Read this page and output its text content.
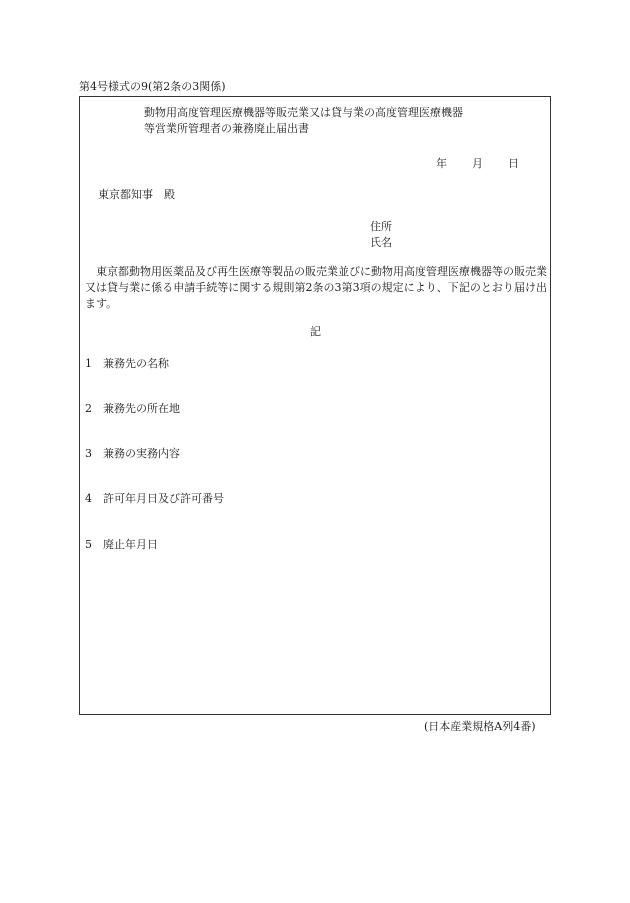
第4号様式の9(第2条の3関係)
動物用高度管理医療機器等販売業又は貸与業の高度管理医療機器
等営業所管理者の兼務廃止届出書
年 月 日
東京都知事　殿
住所
氏名
東京都動物用医薬品及び再生医療等製品の販売業並びに動物用高度管理医療機器等の販売業又は貸与業に係る申請手続等に関する規則第2条の3第3項の規定により、下記のとおり届け出ます。
記
1 兼務先の名称
2 兼務先の所在地
3 兼務の実務内容
4 許可年月日及び許可番号
5 廃止年月日
(日本産業規格A列4番)
